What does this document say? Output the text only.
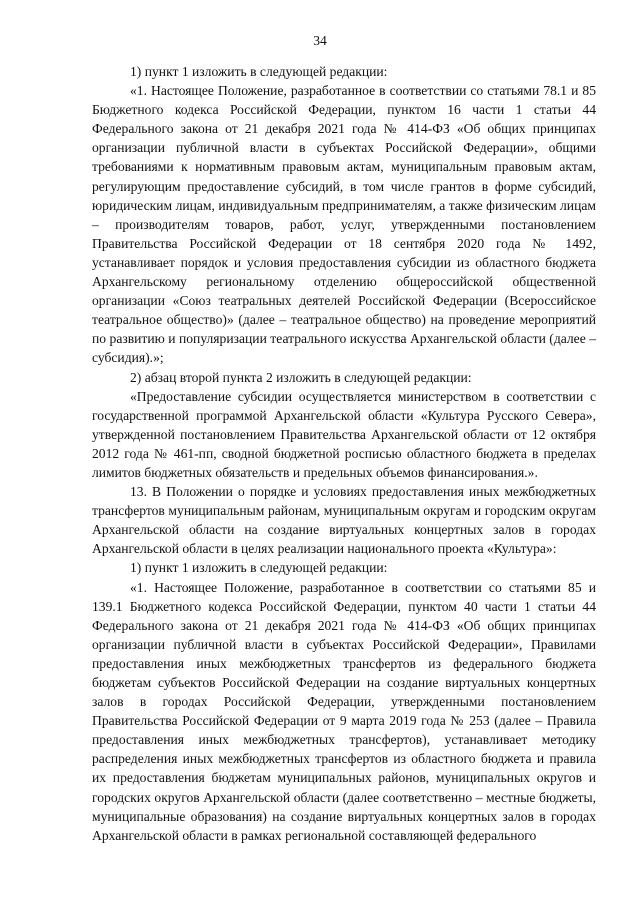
34

1) пункт 1 изложить в следующей редакции:

«1. Настоящее Положение, разработанное в соответствии со статьями 78.1 и 85 Бюджетного кодекса Российской Федерации, пунктом 16 части 1 статьи 44 Федерального закона от 21 декабря 2021 года № 414-ФЗ «Об общих принципах организации публичной власти в субъектах Российской Федерации», общими требованиями к нормативным правовым актам, муниципальным правовым актам, регулирующим предоставление субсидий, в том числе грантов в форме субсидий, юридическим лицам, индивидуальным предпринимателям, а также физическим лицам – производителям товаров, работ, услуг, утвержденными постановлением Правительства Российской Федерации от 18 сентября 2020 года № 1492, устанавливает порядок и условия предоставления субсидии из областного бюджета Архангельскому региональному отделению общероссийской общественной организации «Союз театральных деятелей Российской Федерации (Всероссийское театральное общество)» (далее – театральное общество) на проведение мероприятий по развитию и популяризации театрального искусства Архангельской области (далее – субсидия).»;

2) абзац второй пункта 2 изложить в следующей редакции:

«Предоставление субсидии осуществляется министерством в соответствии с государственной программой Архангельской области «Культура Русского Севера», утвержденной постановлением Правительства Архангельской области от 12 октября 2012 года № 461-пп, сводной бюджетной росписью областного бюджета в пределах лимитов бюджетных обязательств и предельных объемов финансирования.».

13. В Положении о порядке и условиях предоставления иных межбюджетных трансфертов муниципальным районам, муниципальным округам и городским округам Архангельской области на создание виртуальных концертных залов в городах Архангельской области в целях реализации национального проекта «Культура»:

1) пункт 1 изложить в следующей редакции:

«1. Настоящее Положение, разработанное в соответствии со статьями 85 и 139.1 Бюджетного кодекса Российской Федерации, пунктом 40 части 1 статьи 44 Федерального закона от 21 декабря 2021 года № 414-ФЗ «Об общих принципах организации публичной власти в субъектах Российской Федерации», Правилами предоставления иных межбюджетных трансфертов из федерального бюджета бюджетам субъектов Российской Федерации на создание виртуальных концертных залов в городах Российской Федерации, утвержденными постановлением Правительства Российской Федерации от 9 марта 2019 года № 253 (далее – Правила предоставления иных межбюджетных трансфертов), устанавливает методику распределения иных межбюджетных трансфертов из областного бюджета и правила их предоставления бюджетам муниципальных районов, муниципальных округов и городских округов Архангельской области (далее соответственно – местные бюджеты, муниципальные образования) на создание виртуальных концертных залов в городах Архангельской области в рамках региональной составляющей федерального
